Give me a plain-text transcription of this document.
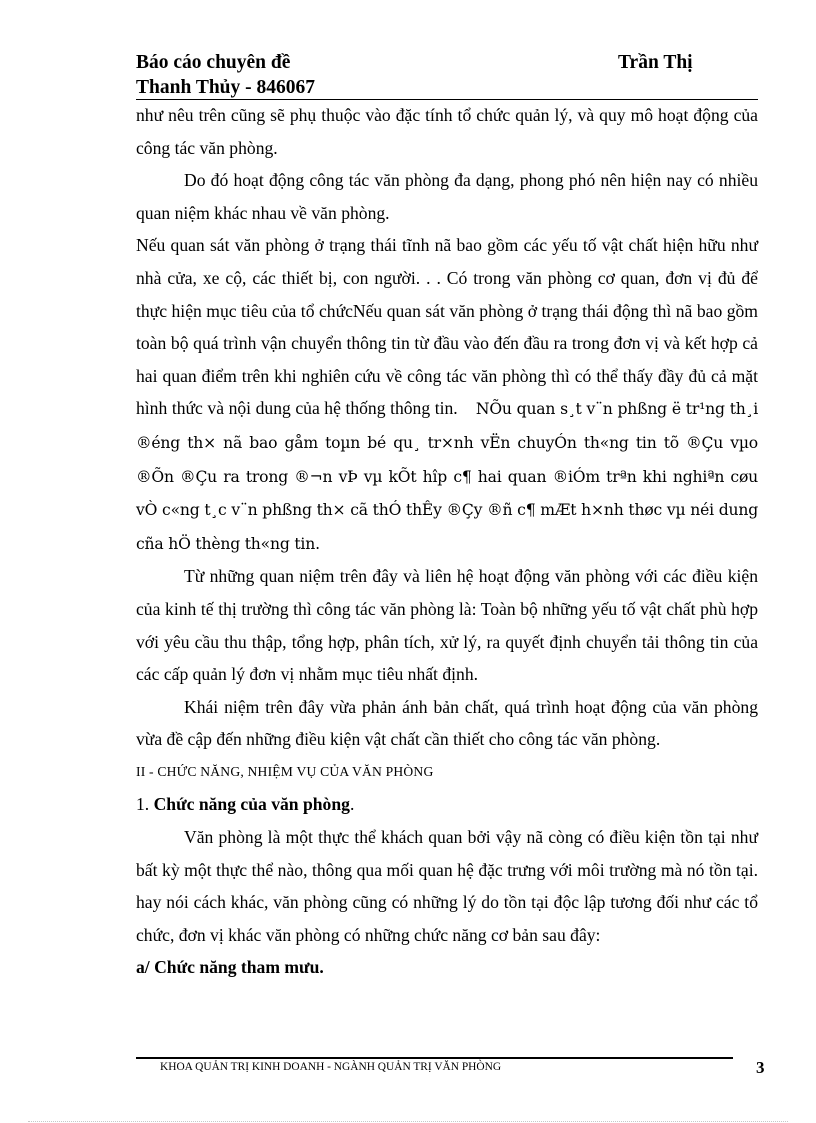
Báo cáo chuyên đề	Trần Thị
Thanh Thủy - 846067

như nêu trên cũng sẽ phụ thuộc vào đặc tính tổ chức quản lý, và quy mô hoạt động của công tác văn phòng.

Do đó hoạt động công tác văn phòng đa dạng, phong phó nên hiện nay có nhiều quan niệm khác nhau về văn phòng.

Nếu quan sát văn phòng ở trạng thái tĩnh nã bao gồm các yếu tố vật chất hiện hữu như nhà cửa, xe cộ, các thiết bị, con người. . . Có trong văn phòng cơ quan, đơn vị đủ để thực hiện mục tiêu của tổ chứcNếu quan sát văn phòng ở trạng thái động thì nã bao gồm toàn bộ quá trình vận chuyển thông tin từ đầu vào đến đầu ra trong đơn vị và kết hợp cả hai quan điểm trên khi nghiên cứu về công tác văn phòng thì có thể thấy đầy đủ cả mặt hình thức và nội dung của hệ thống thông tin. NÕu quan s¸t v¨n phßng ë tr¹ng th¸i ®éng th× nã bao gåm toµn bé qu¸ tr×nh vËn chuyÓn th«ng tin tõ ®Çu vµo ®Õn ®Çu ra trong ®¬n vÞ vµ kÕt hîp c¶ hai quan ®iÓm trªn khi nghiªn cøu vÒ c«ng t¸c v¨n phßng th× cã thÓ thÊy ®Çy ®ñ c¶ mÆt h×nh thøc vµ néi dung cña hÖ thèng th«ng tin.

Từ những quan niệm trên đây và liên hệ hoạt động văn phòng với các điều kiện của kinh tế thị trường thì công tác văn phòng là: Toàn bộ những yếu tố vật chất phù hợp với yêu cầu thu thập, tổng hợp, phân tích, xử lý, ra quyết định chuyển tải thông tin của các cấp quản lý đơn vị nhằm mục tiêu nhất định.

Khái niệm trên đây vừa phản ánh bản chất, quá trình hoạt động của văn phòng vừa đề cập đến những điều kiện vật chất cần thiết cho công tác văn phòng.

II - CHỨC NĂNG, NHIỆM VỤ CỦA VĂN PHÒNG

1. Chức năng của văn phòng.

Văn phòng là một thực thể khách quan bởi vậy nã còng có điều kiện tồn tại như bất kỳ một thực thể nào, thông qua mối quan hệ đặc trưng với môi trường mà nó tồn tại. hay nói cách khác, văn phòng cũng có những lý do tồn tại độc lập tương đối như các tổ chức, đơn vị khác văn phòng có những chức năng cơ bản sau đây:

a/ Chức năng tham mưu.

KHOA QUẢN TRỊ KINH DOANH - NGÀNH QUẢN TRỊ VĂN PHÒNG	3
